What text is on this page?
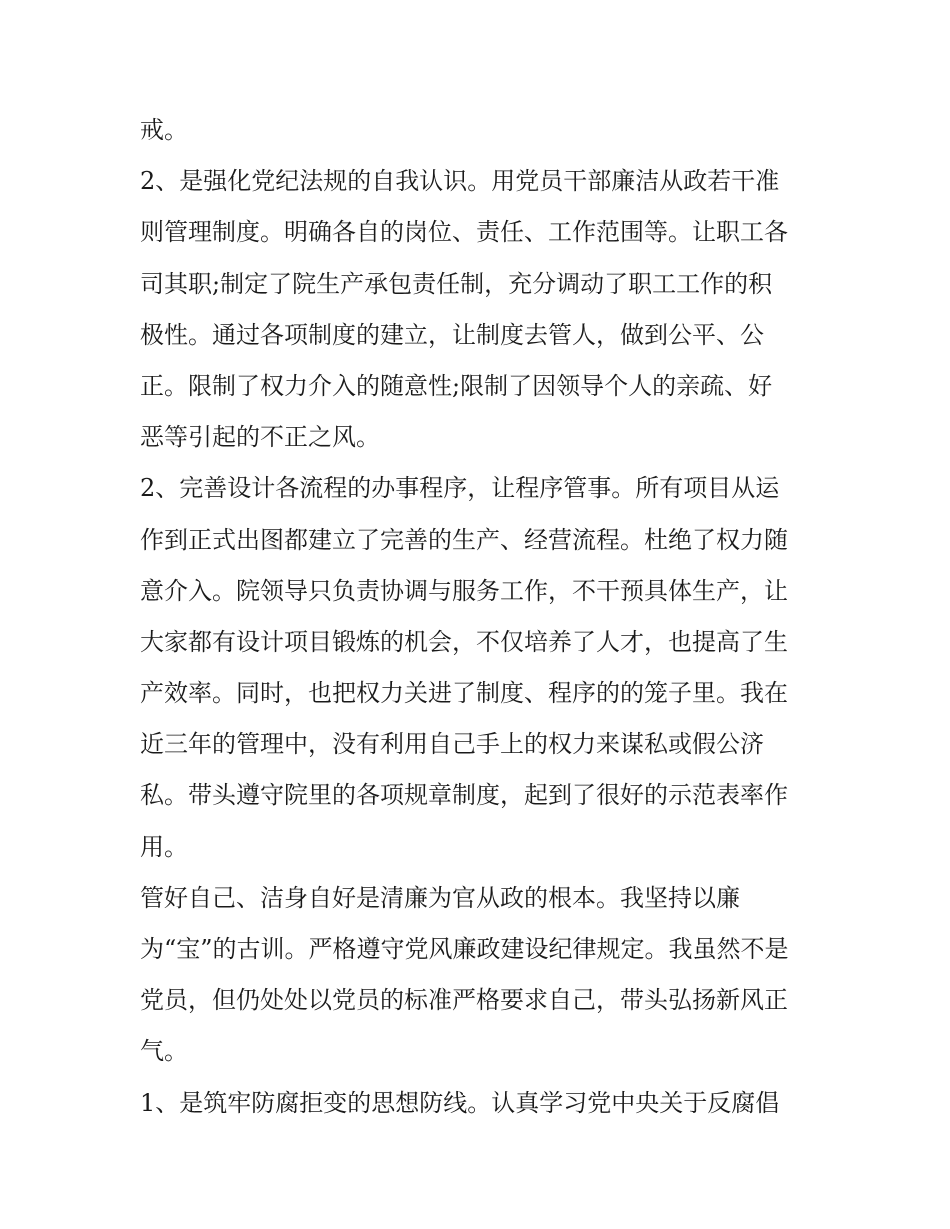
戒。
2、是强化党纪法规的自我认识。用党员干部廉洁从政若干准
则管理制度。明确各自的岗位、责任、工作范围等。让职工各
司其职;制定了院生产承包责任制，充分调动了职工工作的积
极性。通过各项制度的建立，让制度去管人，做到公平、公
正。限制了权力介入的随意性;限制了因领导个人的亲疏、好
恶等引起的不正之风。
2、完善设计各流程的办事程序，让程序管事。所有项目从运
作到正式出图都建立了完善的生产、经营流程。杜绝了权力随
意介入。院领导只负责协调与服务工作，不干预具体生产，让
大家都有设计项目锻炼的机会，不仅培养了人才，也提高了生
产效率。同时，也把权力关进了制度、程序的的笼子里。我在
近三年的管理中，没有利用自己手上的权力来谋私或假公济
私。带头遵守院里的各项规章制度，起到了很好的示范表率作
用。
管好自己、洁身自好是清廉为官从政的根本。我坚持以廉
为“宝”的古训。严格遵守党风廉政建设纪律规定。我虽然不是
党员，但仍处处以党员的标准严格要求自己，带头弘扬新风正
气。
1、是筑牢防腐拒变的思想防线。认真学习党中央关于反腐倡
